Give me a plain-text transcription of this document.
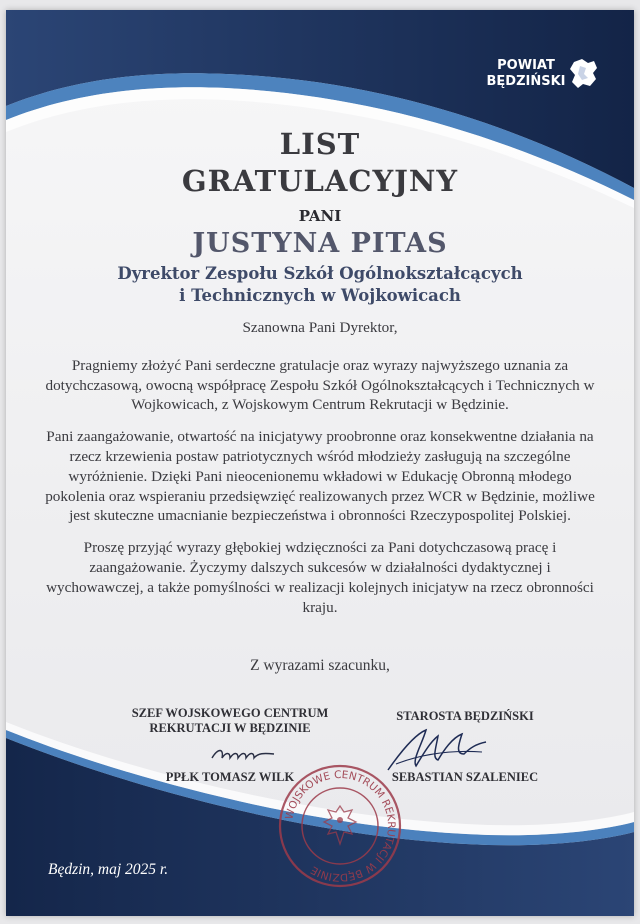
POWIAT
BĘDZIŃSKI
LIST
GRATULACYJNY
PANI
JUSTYNA PITAS
Dyrektor Zespołu Szkół Ogólnokształcących
i Technicznych w Wojkowicach

Szanowna Pani Dyrektor,

Pragniemy złożyć Pani serdeczne gratulacje oraz wyrazy najwyższego uznania za dotychczasową, owocną współpracę Zespołu Szkół Ogólnokształcących i Technicznych w Wojkowicach, z Wojskowym Centrum Rekrutacji w Będzinie.

Pani zaangażowanie, otwartość na inicjatywy proobronne oraz konsekwentne działania na rzecz krzewienia postaw patriotycznych wśród młodzieży zasługują na szczególne wyróżnienie. Dzięki Pani nieocenionemu wkładowi w Edukację Obronną młodego pokolenia oraz wspieraniu przedsięwzięć realizowanych przez WCR w Będzinie, możliwe jest skuteczne umacnianie bezpieczeństwa i obronności Rzeczypospolitej Polskiej.

Proszę przyjąć wyrazy głębokiej wdzięczności za Pani dotychczasową pracę i zaangażowanie. Życzymy dalszych sukcesów w działalności dydaktycznej i wychowawczej, a także pomyślności w realizacji kolejnych inicjatyw na rzecz obronności kraju.

Z wyrazami szacunku,
SZEF WOJSKOWEGO CENTRUM
REKRUTACJI W BĘDZINIE
STAROSTA BĘDZIŃSKI
PPŁK TOMASZ WILK	SEBASTIAN SZALENIEC
WOJSKOWE CENTRUM REKRUTACJI W BĘDZINIE
Będzin, maj 2025 r.
